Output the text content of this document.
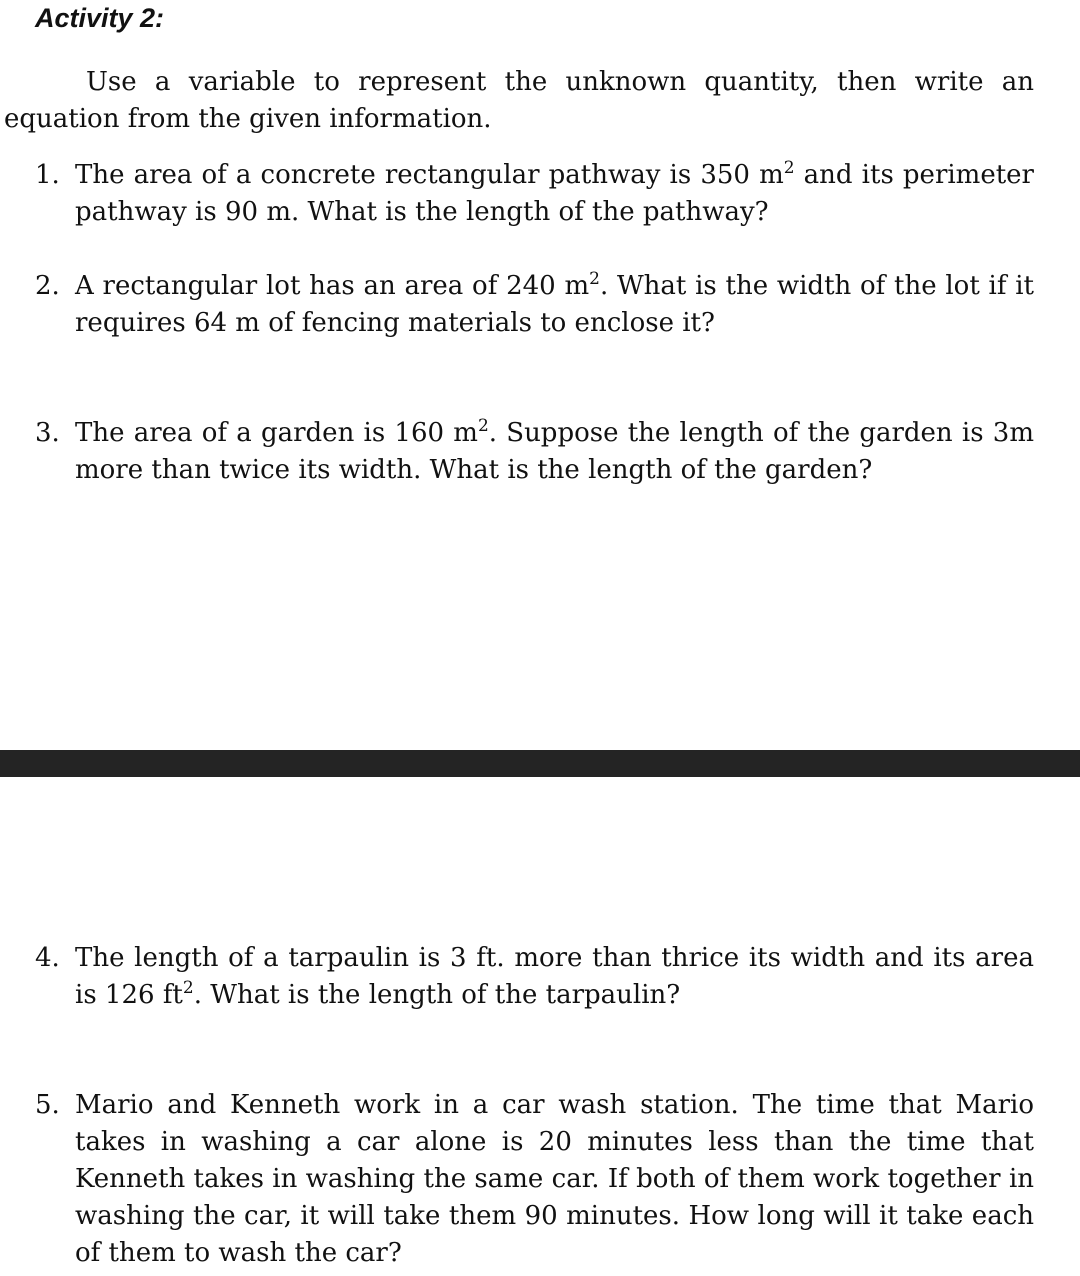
Activity 2:

Use a variable to represent the unknown quantity, then write an equation from the given information.

1. The area of a concrete rectangular pathway is 350 $m^2$ and its perimeter pathway is 90 m. What is the length of the pathway?
2. A rectangular lot has an area of 240 $m^2$. What is the width of the lot if it requires 64 m of fencing materials to enclose it?
3. The area of a garden is 160 $m^2$. Suppose the length of the garden is 3m more than twice its width. What is the length of the garden?
4. The length of a tarpaulin is 3 ft. more than thrice its width and its area is 126 $ft^2$. What is the length of the tarpaulin?
5. Mario and Kenneth work in a car wash station. The time that Mario takes in washing a car alone is 20 minutes less than the time that Kenneth takes in washing the same car. If both of them work together in washing the car, it will take them 90 minutes. How long will it take each of them to wash the car?
